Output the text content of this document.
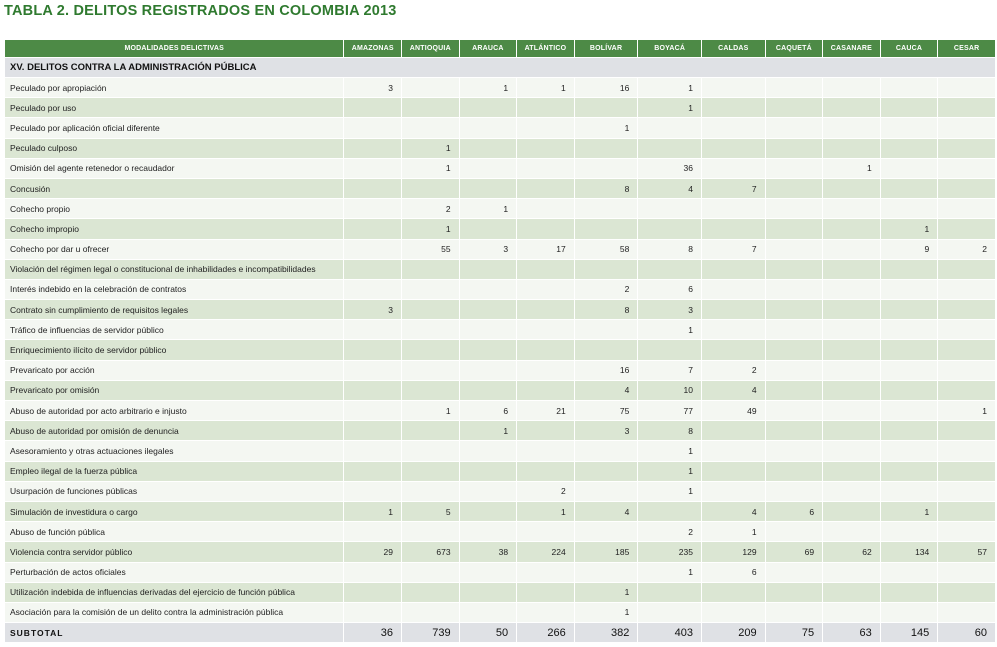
TABLA 2. DELITOS REGISTRADOS EN COLOMBIA 2013
MODALIDADES DELICTIVAS	AMAZONAS	ANTIOQUIA	ARAUCA	ATLÁNTICO	BOLÍVAR	BOYACÁ	CALDAS	CAQUETÁ	CASANARE	CAUCA	CESAR
XV. DELITOS CONTRA LA ADMINISTRACIÓN PÚBLICA											
Peculado por apropiación	3		1	1	16	1					
Peculado por uso						1					
Peculado por aplicación oficial diferente					1						
Peculado culposo		1									
Omisión del agente retenedor o recaudador		1				36			1		
Concusión					8	4	7				
Cohecho propio		2	1								
Cohecho impropio		1								1	
Cohecho por dar u ofrecer		55	3	17	58	8	7			9	2
Violación del régimen legal o constitucional de inhabilidades e incompatibilidades											
Interés indebido en la celebración de contratos					2	6					
Contrato sin cumplimiento de requisitos legales	3				8	3					
Tráfico de influencias de servidor público						1					
Enriquecimiento ilícito de servidor público											
Prevaricato por acción					16	7	2				
Prevaricato por omisión					4	10	4				
Abuso de autoridad por acto arbitrario e injusto		1	6	21	75	77	49				1
Abuso de autoridad por omisión de denuncia			1		3	8					
Asesoramiento y otras actuaciones ilegales						1					
Empleo ilegal de la fuerza pública						1					
Usurpación de funciones públicas				2		1					
Simulación de investidura o cargo	1	5		1	4		4	6		1	
Abuso de función pública						2	1				
Violencia contra servidor público	29	673	38	224	185	235	129	69	62	134	57
Perturbación de actos oficiales						1	6				
Utilización indebida de influencias derivadas del ejercicio de función pública					1						
Asociación para la comisión de un delito contra la administración pública					1						
SUBTOTAL	36	739	50	266	382	403	209	75	63	145	60
